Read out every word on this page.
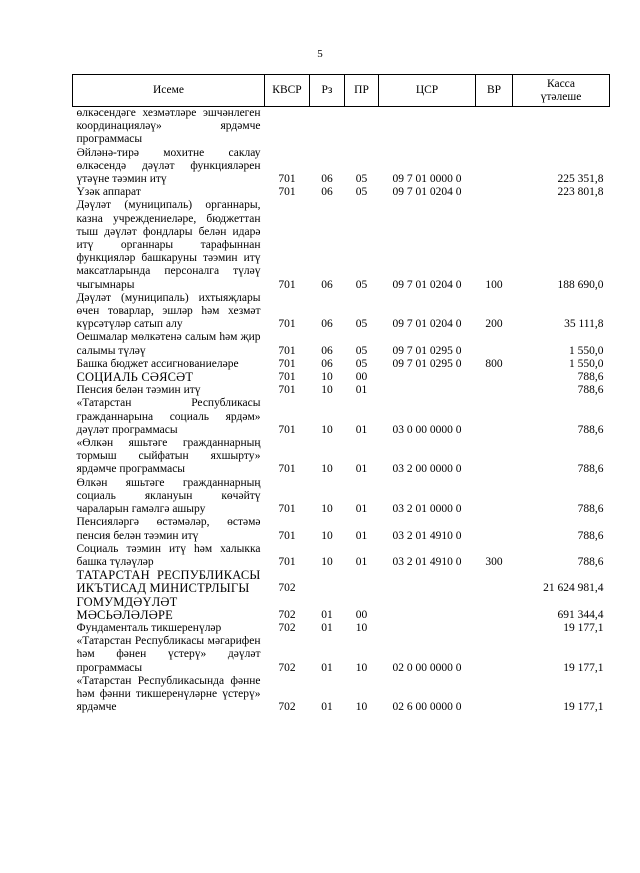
5
Исеме	КВСР	Рз	ПР	ЦСР	ВР	Касса
үтәлеше
өлкәсендәге хезмәтләре эшчәнлеген координацияләү» ярдәмче программасы						
Әйләнә-тирә мохитне саклау өлкәсендә дәүләт функцияләрен үтәүне тәэмин итү	701	06	05	09 7 01 0000 0		225 351,8
Үзәк аппарат	701	06	05	09 7 01 0204 0		223 801,8
Дәүләт (муниципаль) органнары, казна учреждениеләре, бюджеттан тыш дәүләт фондлары белән идарә итү органнары тарафыннан функцияләр башкаруны тәэмин итү максатларында персоналга түләү чыгымнары	701	06	05	09 7 01 0204 0	100	188 690,0
Дәүләт (муниципаль) ихтыяҗлары өчен товарлар, эшләр һәм хезмәт күрсәтүләр сатып алу	701	06	05	09 7 01 0204 0	200	35 111,8
Оешмалар мөлкәтенә салым һәм җир салымы түләү	701	06	05	09 7 01 0295 0		1 550,0
Башка бюджет ассигнованиеләре	701	06	05	09 7 01 0295 0	800	1 550,0
СОЦИАЛЬ СӘЯСӘТ	701	10	00			788,6
Пенсия белән тәэмин итү	701	10	01			788,6
«Татарстан Республикасы гражданнарына социаль ярдәм» дәүләт программасы	701	10	01	03 0 00 0000 0		788,6
«Өлкән яшьтәге гражданнарның тормыш сыйфатын яхшырту» ярдәмче программасы	701	10	01	03 2 00 0000 0		788,6
Өлкән яшьтәге гражданнарның социаль яклануын көчәйтү чараларын гамәлгә ашыру	701	10	01	03 2 01 0000 0		788,6
Пенсияләргә өстәмәләр, өстәмә пенсия белән тәэмин итү	701	10	01	03 2 01 4910 0		788,6
Социаль тәэмин итү һәм халыкка башка түләүләр	701	10	01	03 2 01 4910 0	300	788,6
ТАТАРСТАН РЕСПУБЛИКАСЫ ИКЪТИСАД МИНИСТРЛЫГЫ	702					21 624 981,4
ГОМУМДӘҮЛӘТ МӘСЬӘЛӘЛӘРЕ	702	01	00			691 344,4
Фундаменталь тикшеренүләр	702	01	10			19 177,1
«Татарстан Республикасы мәгарифен һәм фәнен үстерү» дәүләт программасы	702	01	10	02 0 00 0000 0		19 177,1
«Татарстан Республикасында фәнне һәм фәнни тикшеренүләрне үстерү» ярдәмче	702	01	10	02 6 00 0000 0		19 177,1
